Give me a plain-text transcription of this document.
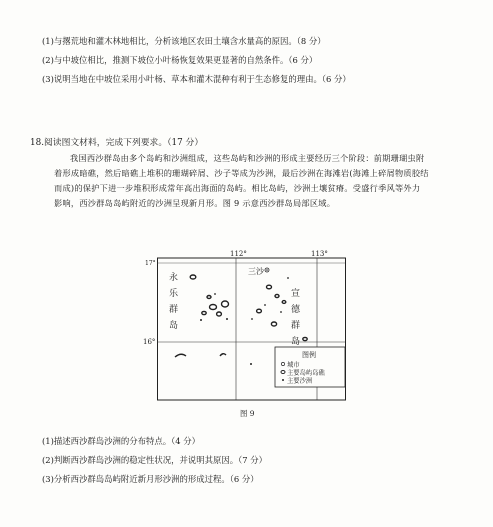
(1)与撂荒地和灌木林地相比，分析该地区农田土壤含水量高的原因。（8 分）
(2)与中坡位相比，推测下坡位小叶杨恢复效果更显著的自然条件。（6 分）
(3)说明当地在中坡位采用小叶杨、草本和灌木混种有利于生态修复的理由。（6 分）
18.阅读图文材料，完成下列要求。（17 分）
我国西沙群岛由多个岛屿和沙洲组成，这些岛屿和沙洲的形成主要经历三个阶段：前期珊瑚虫附
着形成暗礁，然后暗礁上堆积的珊瑚碎屑、沙子等成为沙洲，最后沙洲在海滩岩(海滩上碎屑物质胶结
而成)的保护下进一步堆积形成常年高出海面的岛屿。相比岛屿，沙洲土壤贫瘠。受盛行季风等外力
影响，西沙群岛岛屿附近的沙洲呈现新月形。图 9 示意西沙群岛局部区域。
112°	113°
17°
16°
永
乐
群
岛
宣
德
群
岛
三沙
图例
城市
主要岛屿岛礁
主要沙洲
图 9
(1)描述西沙群岛沙洲的分布特点。（4 分）
(2)判断西沙群岛沙洲的稳定性状况，并说明其原因。（7 分）
(3)分析西沙群岛岛屿附近新月形沙洲的形成过程。（6 分）
